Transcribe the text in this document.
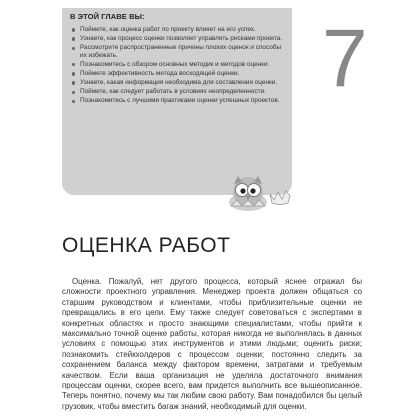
В ЭТОЙ ГЛАВЕ ВЫ:
Поймете, как оценка работ по проекту влияет на его успех.
Узнаете, как процесс оценки позволяет управлять рисками проекта.
Рассмотрите распространенные причины плохих оценок и способы их избежать.
Познакомитесь с обзором основных методик и методов оценки.
Поймете эффективность метода восходящей оценки.
Узнаете, какая информация необходима для составления оценки.
Поймете, как следует работать в условиях неопределенности.
Познакомитесь с лучшими практиками оценки успешных проектов. 7
ОЦЕНКА РАБОТ
Оценка. Пожалуй, нет другого процесса, который яснее отражал бы сложности проектного управления. Менеджер проекта должен общаться со старшим руководством и клиентами, чтобы приблизительные оценки не превращались в его цели. Ему также следует советоваться с экспертами в конкретных областях и просто знающими специалистами, чтобы прийти к максимально точной оценке работы, которая никогда не выполнялась в данных условиях с помощью этих инструментов и этими людьми; оценить риски; познакомить стейкхолдеров с процессом оценки; постоянно следить за сохранением баланса между фактором времени, затратами и требуемым качеством. Если ваша организация не уделяла достаточного внимания процессам оценки, скорее всего, вам придется выполнить все вышеописанное. Теперь понятно, почему мы так любим свою работу. Вам понадобился бы целый грузовик, чтобы вместить багаж знаний, необходимый для оценки.
